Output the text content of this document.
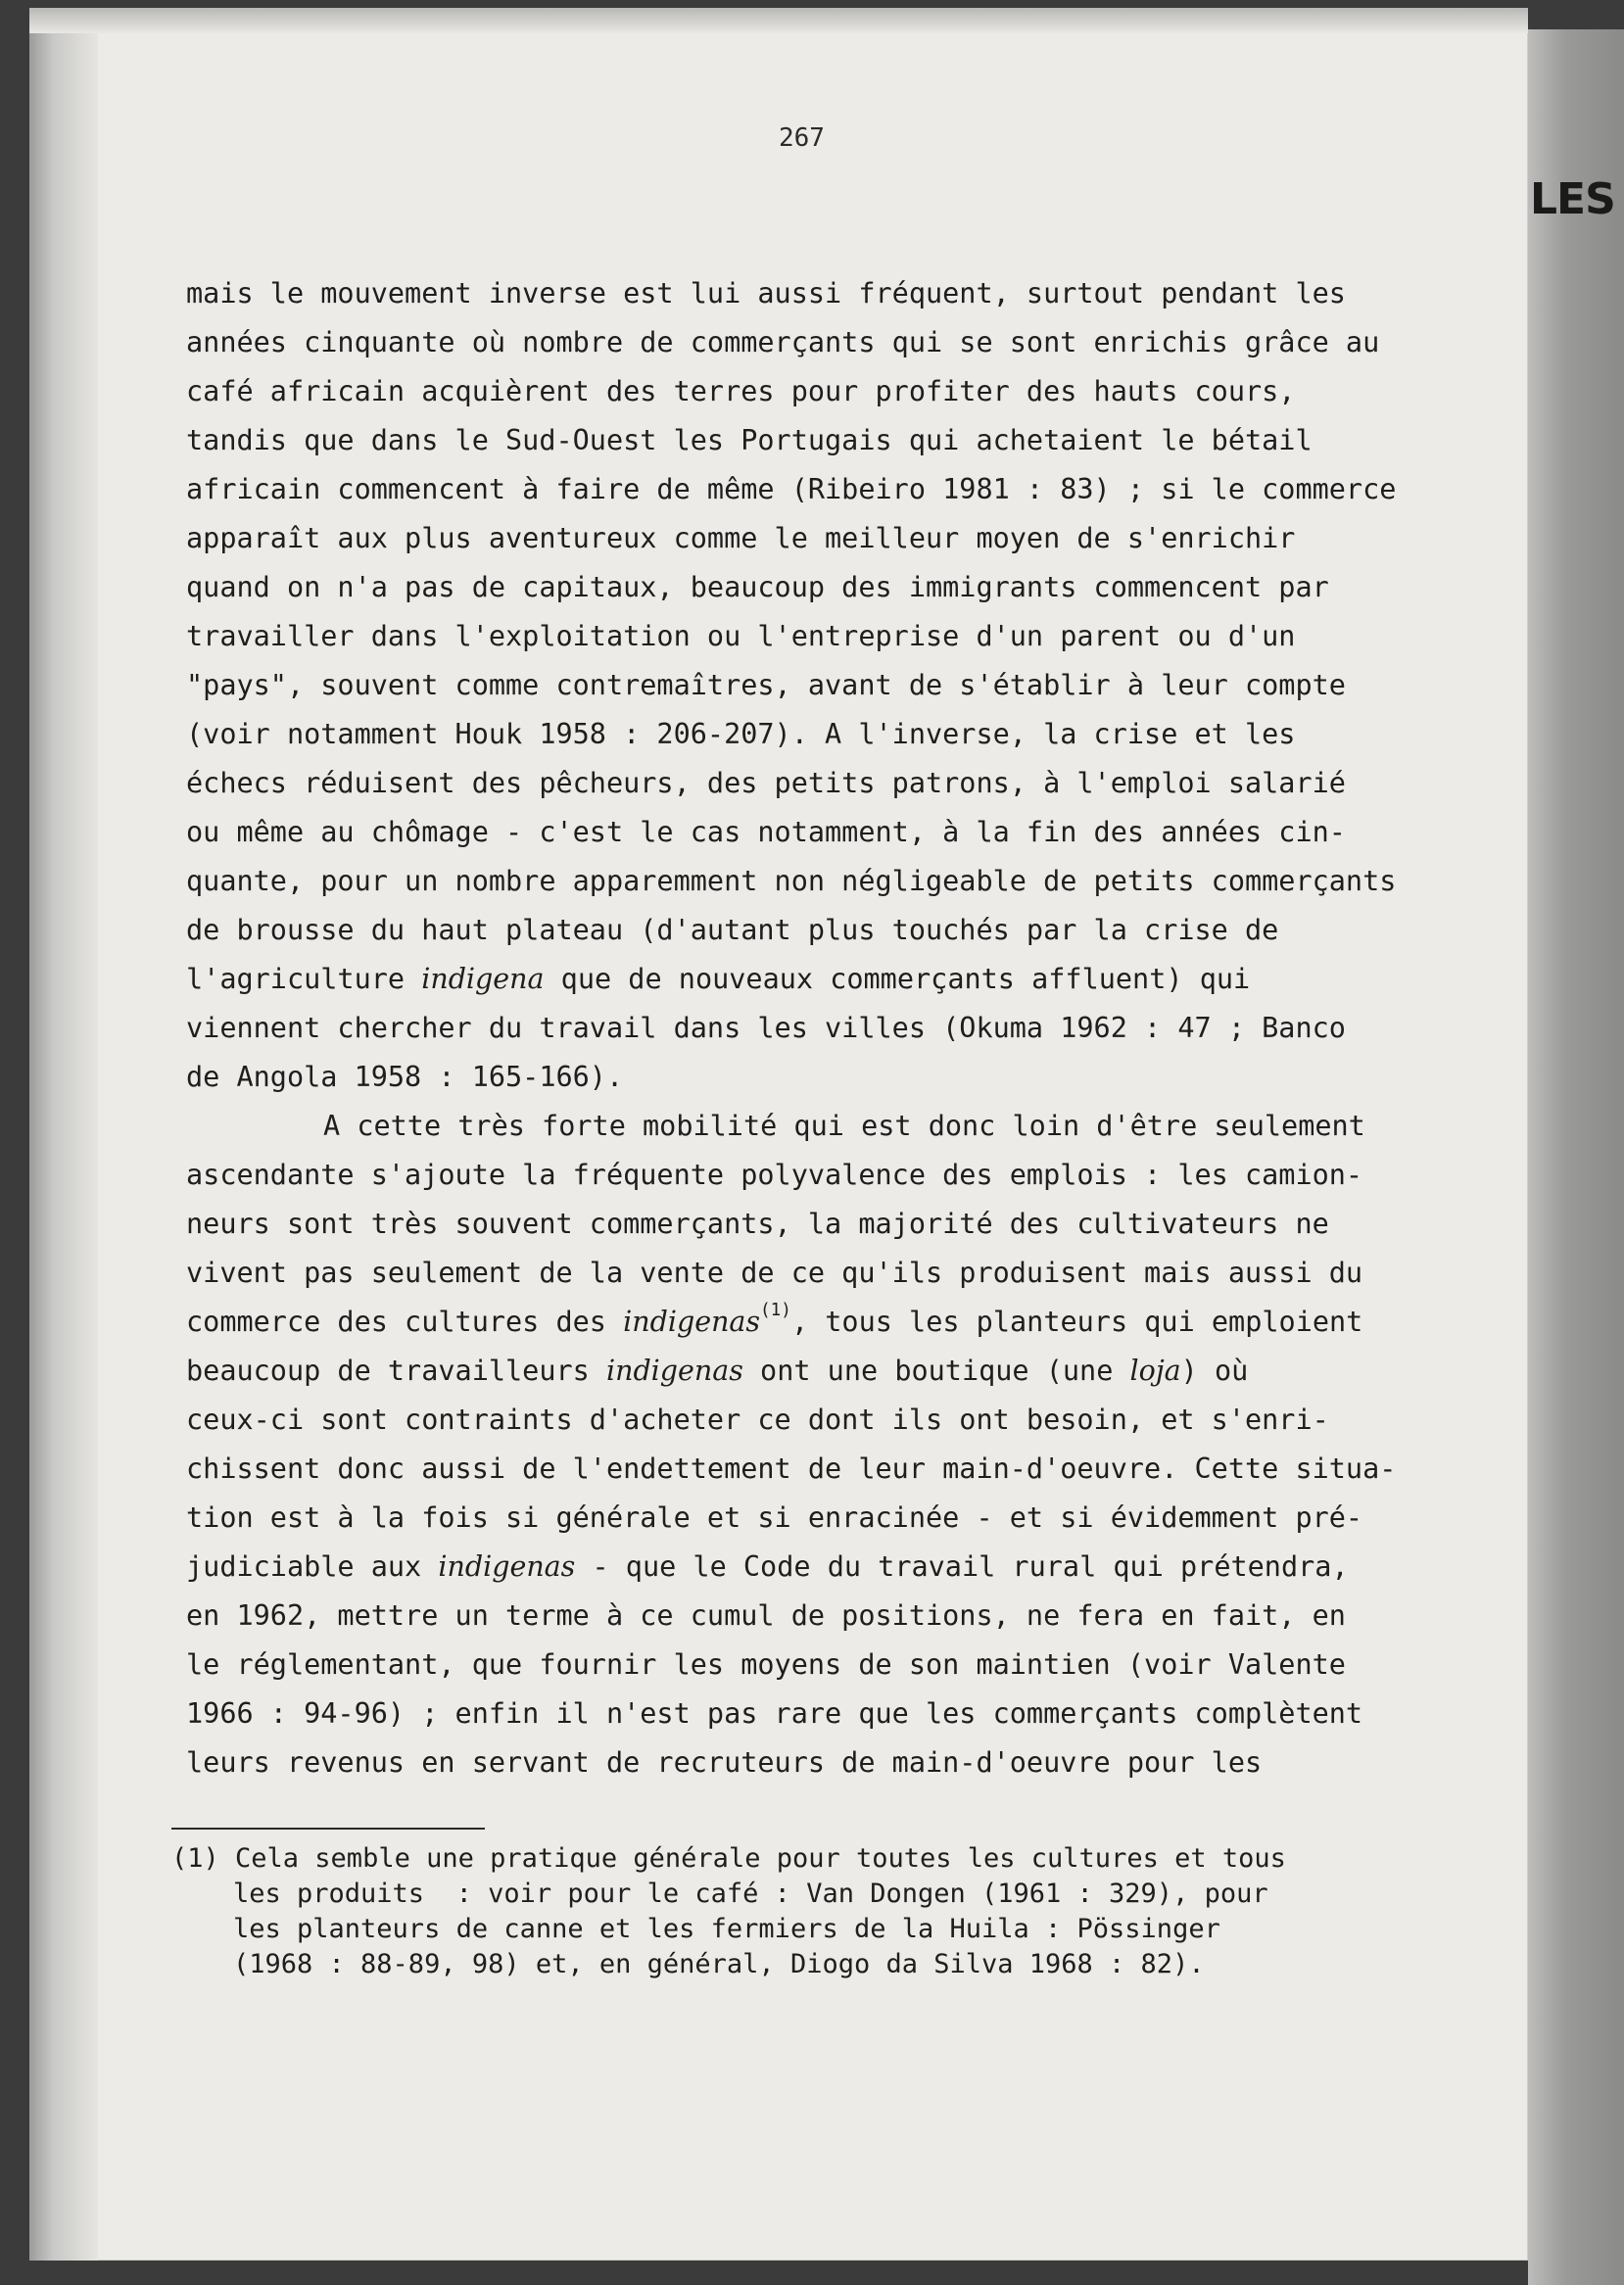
LES
267
mais le mouvement inverse est lui aussi fréquent, surtout pendant les
années cinquante où nombre de commerçants qui se sont enrichis grâce au
café africain acquièrent des terres pour profiter des hauts cours,
tandis que dans le Sud-Ouest les Portugais qui achetaient le bétail
africain commencent à faire de même (Ribeiro 1981 : 83) ; si le commerce
apparaît aux plus aventureux comme le meilleur moyen de s'enrichir
quand on n'a pas de capitaux, beaucoup des immigrants commencent par
travailler dans l'exploitation ou l'entreprise d'un parent ou d'un
"pays", souvent comme contremaîtres, avant de s'établir à leur compte
(voir notamment Houk 1958 : 206-207). A l'inverse, la crise et les
échecs réduisent des pêcheurs, des petits patrons, à l'emploi salarié
ou même au chômage - c'est le cas notamment, à la fin des années cin-
quante, pour un nombre apparemment non négligeable de petits commerçants
de brousse du haut plateau (d'autant plus touchés par la crise de
l'agriculture indigena que de nouveaux commerçants affluent) qui
viennent chercher du travail dans les villes (Okuma 1962 : 47 ; Banco
de Angola 1958 : 165-166).
A cette très forte mobilité qui est donc loin d'être seulement
ascendante s'ajoute la fréquente polyvalence des emplois : les camion-
neurs sont très souvent commerçants, la majorité des cultivateurs ne
vivent pas seulement de la vente de ce qu'ils produisent mais aussi du
commerce des cultures des indigenas$^{(1)}$, tous les planteurs qui emploient
beaucoup de travailleurs indigenas ont une boutique (une loja) où
ceux-ci sont contraints d'acheter ce dont ils ont besoin, et s'enri-
chissent donc aussi de l'endettement de leur main-d'oeuvre. Cette situa-
tion est à la fois si générale et si enracinée - et si évidemment pré-
judiciable aux indigenas - que le Code du travail rural qui prétendra,
en 1962, mettre un terme à ce cumul de positions, ne fera en fait, en
le réglementant, que fournir les moyens de son maintien (voir Valente
1966 : 94-96) ; enfin il n'est pas rare que les commerçants complètent
leurs revenus en servant de recruteurs de main-d'oeuvre pour les
(1) Cela semble une pratique générale pour toutes les cultures et tous
les produits  : voir pour le café : Van Dongen (1961 : 329), pour
les planteurs de canne et les fermiers de la Huila : Pössinger
(1968 : 88-89, 98) et, en général, Diogo da Silva 1968 : 82).
